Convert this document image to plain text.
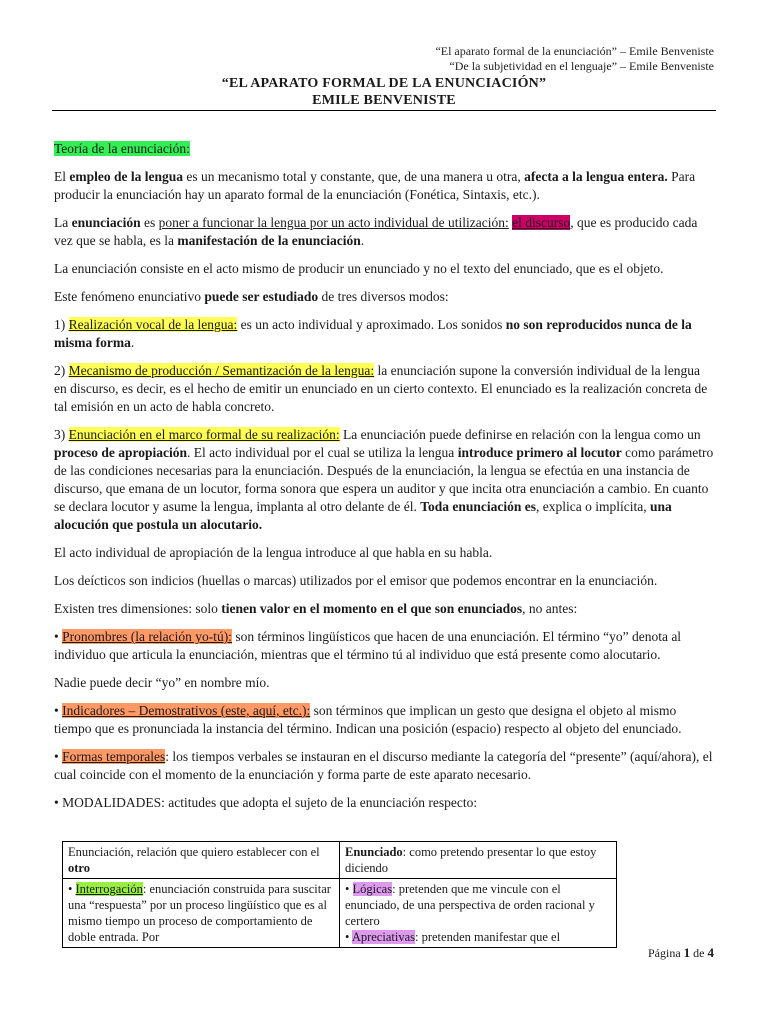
“El aparato formal de la enunciación” – Emile Benveniste
“De la subjetividad en el lenguaje” – Emile Benveniste
“EL APARATO FORMAL DE LA ENUNCIACIÓN”
EMILE BENVENISTE

Teoría de la enunciación:

El empleo de la lengua es un mecanismo total y constante, que, de una manera u otra, afecta a la lengua entera. Para producir la enunciación hay un aparato formal de la enunciación (Fonética, Sintaxis, etc.).

La enunciación es poner a funcionar la lengua por un acto individual de utilización: el discurso, que es producido cada vez que se habla, es la manifestación de la enunciación.

La enunciación consiste en el acto mismo de producir un enunciado y no el texto del enunciado, que es el objeto.

Este fenómeno enunciativo puede ser estudiado de tres diversos modos:

1) Realización vocal de la lengua: es un acto individual y aproximado. Los sonidos no son reproducidos nunca de la misma forma.

2) Mecanismo de producción / Semantización de la lengua: la enunciación supone la conversión individual de la lengua en discurso, es decir, es el hecho de emitir un enunciado en un cierto contexto. El enunciado es la realización concreta de tal emisión en un acto de habla concreto.

3) Enunciación en el marco formal de su realización: La enunciación puede definirse en relación con la lengua como un proceso de apropiación. El acto individual por el cual se utiliza la lengua introduce primero al locutor como parámetro de las condiciones necesarias para la enunciación. Después de la enunciación, la lengua se efectúa en una instancia de discurso, que emana de un locutor, forma sonora que espera un auditor y que incita otra enunciación a cambio. En cuanto se declara locutor y asume la lengua, implanta al otro delante de él. Toda enunciación es, explica o implícita, una alocución que postula un alocutario.

El acto individual de apropiación de la lengua introduce al que habla en su habla.

Los deícticos son indicios (huellas o marcas) utilizados por el emisor que podemos encontrar en la enunciación.

Existen tres dimensiones: solo tienen valor en el momento en el que son enunciados, no antes:

• Pronombres (la relación yo-tú): son términos lingüísticos que hacen de una enunciación. El término “yo” denota al individuo que articula la enunciación, mientras que el término tú al individuo que está presente como alocutario.

Nadie puede decir “yo” en nombre mío.

• Indicadores – Demostrativos (este, aquí, etc.): son términos que implican un gesto que designa el objeto al mismo tiempo que es pronunciada la instancia del término. Indican una posición (espacio) respecto al objeto del enunciado.

• Formas temporales: los tiempos verbales se instauran en el discurso mediante la categoría del “presente” (aquí/ahora), el cual coincide con el momento de la enunciación y forma parte de este aparato necesario.

• MODALIDADES: actitudes que adopta el sujeto de la enunciación respecto:

Enunciación, relación que quiero establecer con el otro	Enunciado: como pretendo presentar lo que estoy diciendo
• Interrogación: enunciación construida para suscitar una “respuesta” por un proceso lingüístico que es al mismo tiempo un proceso de comportamiento de doble entrada. Por	• Lógicas: pretenden que me vincule con el enunciado, de una perspectiva de orden racional y certero
• Apreciativas: pretenden manifestar que el
Página 1 de 4
